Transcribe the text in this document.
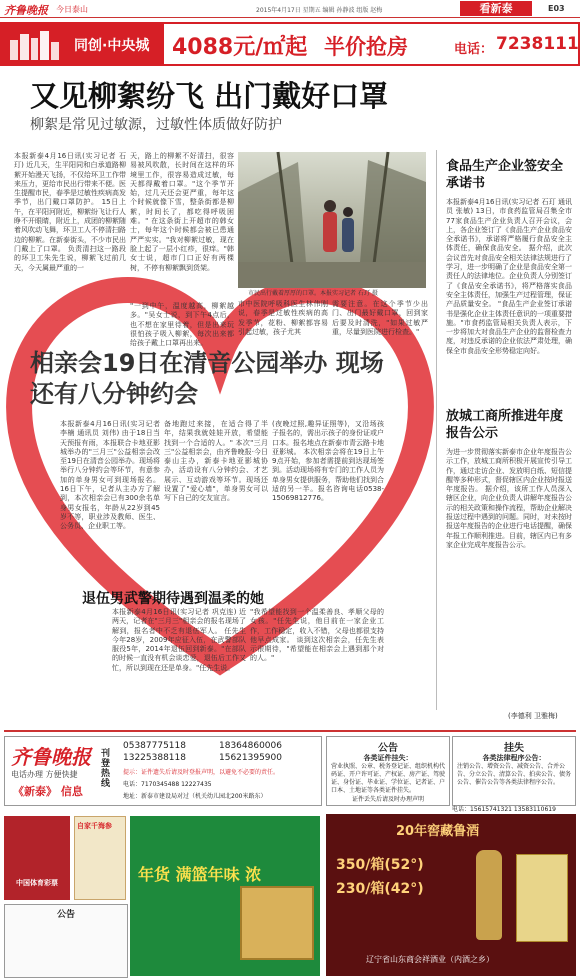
齐鲁晚报 今日泰山	2015年4月17日 星期五 编辑 孙静波 组版 赵梅	看新泰	E03
同创·中央城 4088元/㎡起 半价抢房	电话： 7238111
又见柳絮纷飞 出门戴好口罩
柳絮是常见过敏源，过敏性体质做好防护
本报新泰4月16日讯(实习记者 石玎) 近几天，生平阳同和白承道路柳絮开始漫天飞扬，不仅给环卫工作带来压力，更给市民出行带来不便。医生提醒市民，春季是过敏性疾病高发季节，出门戴口罩防护。 15日上午，在平阳河附近，柳絮纷飞让行人睁不开眼睛，附近上，成团的柳絮随着风吹动飞舞，环卫工人不停清扫路边的柳絮。在新泰街头，不少市民出门戴上了口罩。 负责清扫这一路段的环卫工朱先生说，柳絮飞过前几天，今天属最严重的一
天，路上的柳絮不好清扫，很容易被风吹散，长时间在这样的环境里工作，很容易造成过敏，每天都得戴着口罩。"这个季节开始，过几天还会更严重，每年这个时候就像下雪，整条街都是柳絮，时间长了，都吃得呼吸困难。" 在这条街上开超市的韩女士，每年这个时候都会被已患通严严实实。"我对柳絮过敏，现在脸上起了一层小红疹，很痒。"韩女士说，超市门口正好有两棵树，不停有柳絮飘到货架。
市民出行戴着厚厚的口罩。本报实习记者 石玎 摄
"一到中午，温度越高，柳絮越多。"吴女士说，到下午4点后，也不想在家里待着，但是出来玩很怕孩子吸入柳絮，每次出来都给孩子戴上口罩再出来。
市中医院呼吸科医生林伟刚说，春季是过敏性疾病的高发季节，花粉、柳絮都容易引起过敏，孩子尤其
需要注意。在这个季节少出门、出门最好戴口罩，回到家后要及时清洗，"如果过敏严重，尽量到医院进行检查。"
食品生产企业签安全承诺书
本报新泰4月16日讯(实习记者 石玎 通讯员 张敏) 13日，市食药监管局召集全市77家食品生产企业负责人召开会议，会上，各企业签订了《食品生产企业食品安全承诺书》，承诺将严格履行食品安全主体责任，确保食品安全。 据介绍，此次会议首先对食品安全相关法律法规进行了学习，进一步明确了企业是食品安全第一责任人的法律地位。企业负责人分别签订了《食品安全承诺书》，将严格落实食品安全主体责任，加强生产过程管理，保证产品质量安全。 "食品生产企业签订承诺书是强化企业主体责任意识的一项重要措施。"市食药监管局相关负责人表示，下一步将加大对食品生产企业的监督检查力度，对违反承诺的企业依法严肃处理，确保全市食品安全形势稳定向好。
放城工商所推进年度报告公示
为进一步贯彻落实新泰市企业年度报告公示工作，放城工商所积极开展宣传引导工作，通过走访企业、发放明白纸、短信提醒等多种形式，督促辖区内企业按时报送年度报告。 据介绍，该所工作人员深入辖区企业，向企业负责人讲解年度报告公示的相关政策和操作流程，帮助企业解决报送过程中遇到的问题。同时，对未按时报送年度报告的企业进行电话提醒，确保年报工作顺利推进。目前，辖区内已有多家企业完成年度报告公示。
(李德利 卫雅梅)
相亲会19日在清音公园举办 现场还有八分钟约会
本报新泰4月16日讯(实习记者 李楠 通讯员 刘伟) 由于18日当天预报有雨，本报联合卡地亚影城举办的"三月三"公益相亲会改至19日在清音公园举办。现场将举行八分钟约会等环节，有意参加的单身男女可到现场报名。 16日下午，记者从主办方了解到，本次相亲会已有300余名单身男女报名，年龄从22岁到45岁不等，职业涉及教师、医生、公务员、企业职工等。
备地跑过来接，在适合得了半年，结果我就娃娃开放，希望能找到一个合适的人。" 本次"三月三"公益相亲会，由齐鲁晚报·今日泰山主办，新泰卡地亚影城协办，活动设有八分钟约会、才艺展示、互动游戏等环节。现场还设置了"爱心墙"，单身男女可以写下自己的交友宣言。
(夜晚过照,趣异证照等)，又沿场孩子报名的，需出示孩子的身份证或户口本。报名地点在新泰市青云路卡地亚影城。 本次相亲会将在19日上午9点开始，参加者需提前到达现场签到。活动现场将有专门的工作人员为单身男女提供服务，帮助他们找到合适的另一半。报名咨询电话0538-15069812776。
退伍男武警期待遇到温柔的她
本报新泰4月16日讯(实习记者 巩克连) 近两天，记者在"三月三"相亲会的报名现场了解到，报名者中不乏有退伍军人。 任先生今年28岁，2009年应征入伍，在武警部队服役5年，2014年退伍回到新泰。"在部队的时候一直没有机会谈恋爱，退伍后工作又忙，所以到现在还是单身。"任先生说。
"我希望能找到一个温柔善良、孝顺父母的女孩。"任先生说，他目前在一家企业工作，工作稳定，收入不错，父母也都很支持他早点成家。 谈到这次相亲会，任先生表示很期待，"希望能在相亲会上遇到那个对的人。"
齐鲁晚报
电话办理 方便快捷
《新泰》 信息
刊登热线
05387775118	18364860006
13225388118	15621395900
提示：证件遗失后请及时登报声明，以避免不必要的责任。
电话：7170345488 12227435
地址：新泰市建设局对过（机关幼儿园北200米路东）
公告
各类证件挂失：
营业执照、公章、税务登记证、组织机构代码证、开户许可证、产权证、房产证、驾驶证、身份证、毕业证、学位证、记者证、户口本、土地证等各类证件挂失。
证件丢失后请及时办理声明
挂失
各类法律程序公告：
注销公告、增资公告、减资公告、合并公告、分立公告、清算公告、拍卖公告、债务公告、催告公告等各类法律程序公告。
电话：15615741321 13583110619
中国体育彩票
自家千海参
年货 满篮年味 浓
20年窖藏鲁酒
350/箱(52°)
230/箱(42°)
辽宁省山东商会祥酒业（内酒之乡）
公告
